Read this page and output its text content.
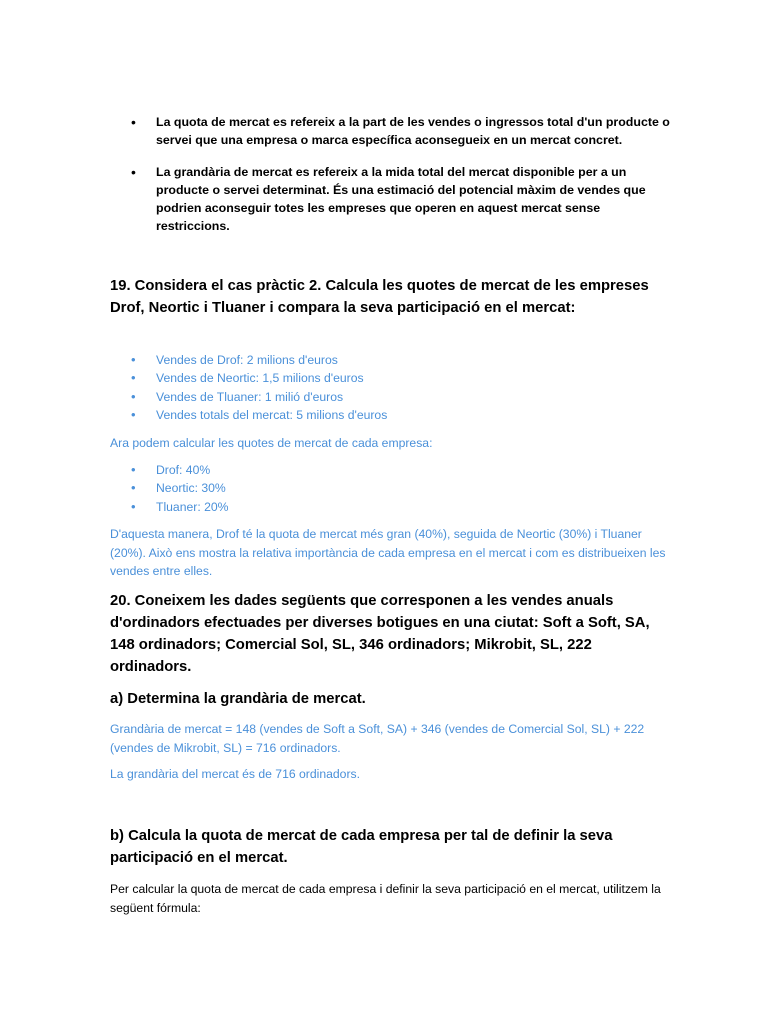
• La quota de mercat es refereix a la part de les vendes o ingressos total d'un producte o servei que una empresa o marca específica aconsegueix en un mercat concret.
• La grandària de mercat es refereix a la mida total del mercat disponible per a un producte o servei determinat. És una estimació del potencial màxim de vendes que podrien aconseguir totes les empreses que operen en aquest mercat sense restriccions.

19. Considera el cas pràctic 2. Calcula les quotes de mercat de les empreses Drof, Neortic i Tluaner i compara la seva participació en el mercat:

• Vendes de Drof: 2 milions d'euros
• Vendes de Neortic: 1,5 milions d'euros
• Vendes de Tluaner: 1 milió d'euros
• Vendes totals del mercat: 5 milions d'euros

Ara podem calcular les quotes de mercat de cada empresa:

• Drof: 40%
• Neortic: 30%
• Tluaner: 20%

D'aquesta manera, Drof té la quota de mercat més gran (40%), seguida de Neortic (30%) i Tluaner (20%). Això ens mostra la relativa importància de cada empresa en el mercat i com es distribueixen les vendes entre elles.

20. Coneixem les dades següents que corresponen a les vendes anuals d'ordinadors efectuades per diverses botigues en una ciutat: Soft a Soft, SA, 148 ordinadors; Comercial Sol, SL, 346 ordinadors; Mikrobit, SL, 222 ordinadors.

a) Determina la grandària de mercat.

Grandària de mercat = 148 (vendes de Soft a Soft, SA) + 346 (vendes de Comercial Sol, SL) + 222 (vendes de Mikrobit, SL) = 716 ordinadors.

La grandària del mercat és de 716 ordinadors.

b) Calcula la quota de mercat de cada empresa per tal de definir la seva participació en el mercat.

Per calcular la quota de mercat de cada empresa i definir la seva participació en el mercat, utilitzem la següent fórmula:
